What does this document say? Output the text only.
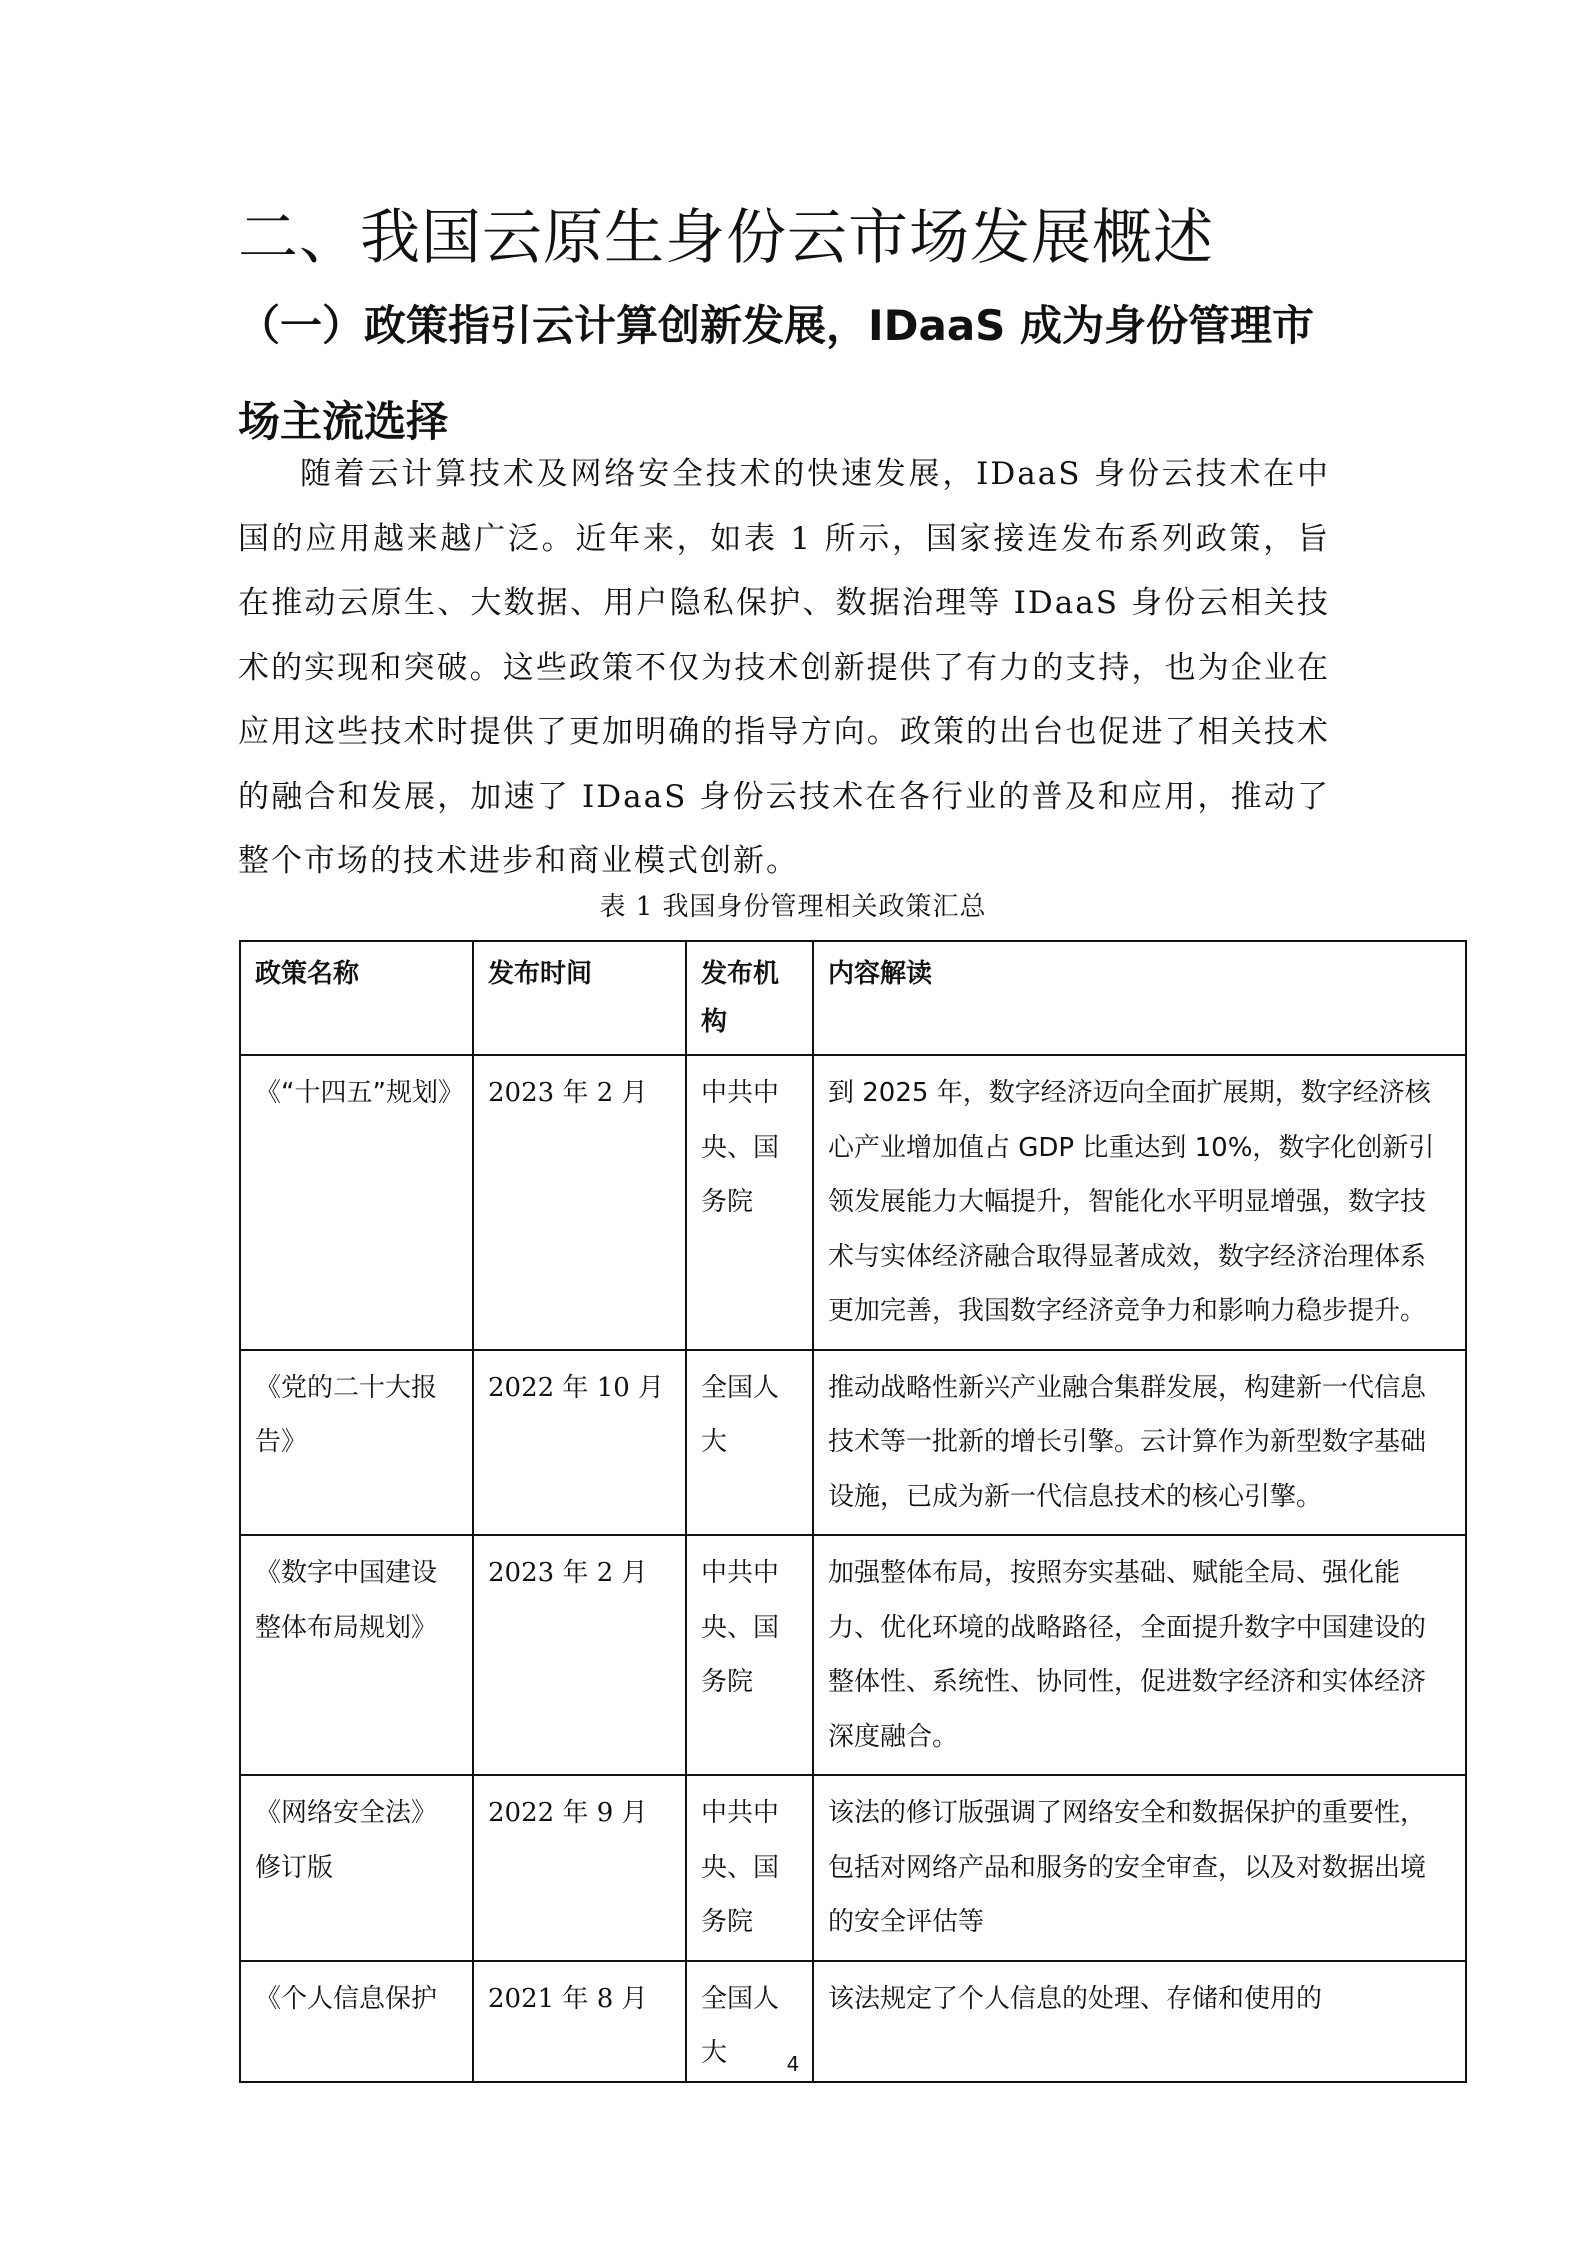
二、我国云原生身份云市场发展概述
（一）政策指引云计算创新发展，IDaaS 成为身份管理市场主流选择

随着云计算技术及网络安全技术的快速发展，IDaaS 身份云技术在中国的应用越来越广泛。近年来，如表 1 所示，国家接连发布系列政策，旨在推动云原生、大数据、用户隐私保护、数据治理等 IDaaS 身份云相关技术的实现和突破。这些政策不仅为技术创新提供了有力的支持，也为企业在应用这些技术时提供了更加明确的指导方向。政策的出台也促进了相关技术的融合和发展，加速了 IDaaS 身份云技术在各行业的普及和应用，推动了整个市场的技术进步和商业模式创新。

表 1 我国身份管理相关政策汇总
政策名称	发布时间	发布机构	内容解读
《“十四五”规划》	2023 年 2 月	中共中央、国务院	到 2025 年，数字经济迈向全面扩展期，数字经济核心产业增加值占 GDP 比重达到 10%，数字化创新引领发展能力大幅提升，智能化水平明显增强，数字技术与实体经济融合取得显著成效，数字经济治理体系更加完善，我国数字经济竞争力和影响力稳步提升。
《党的二十大报告》	2022 年 10 月	全国人大	推动战略性新兴产业融合集群发展，构建新一代信息技术等一批新的增长引擎。云计算作为新型数字基础设施，已成为新一代信息技术的核心引擎。
《数字中国建设整体布局规划》	2023 年 2 月	中共中央、国务院	加强整体布局，按照夯实基础、赋能全局、强化能力、优化环境的战略路径，全面提升数字中国建设的整体性、系统性、协同性，促进数字经济和实体经济深度融合。
《网络安全法》修订版	2022 年 9 月	中共中央、国务院	该法的修订版强调了网络安全和数据保护的重要性，包括对网络产品和服务的安全审查，以及对数据出境的安全评估等
《个人信息保护	2021 年 8 月	全国人大	该法规定了个人信息的处理、存储和使用的
4
